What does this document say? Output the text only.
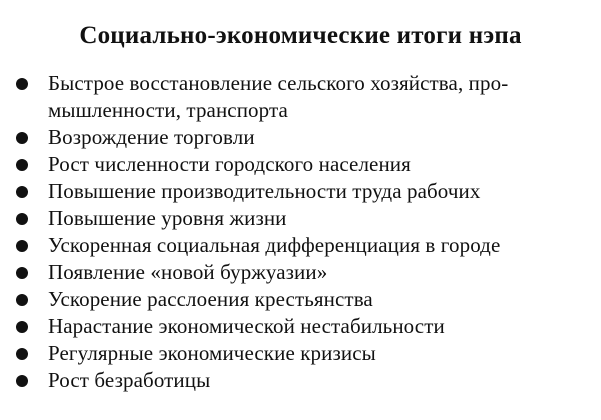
Социально-экономические итоги нэпа
Быстрое восстановление сельского хозяйства, про-
мышленности, транспорта
Возрождение торговли
Рост численности городского населения
Повышение производительности труда рабочих
Повышение уровня жизни
Ускоренная социальная дифференциация в городе
Появление «новой буржуазии»
Ускорение расслоения крестьянства
Нарастание экономической нестабильности
Регулярные экономические кризисы
Рост безработицы
